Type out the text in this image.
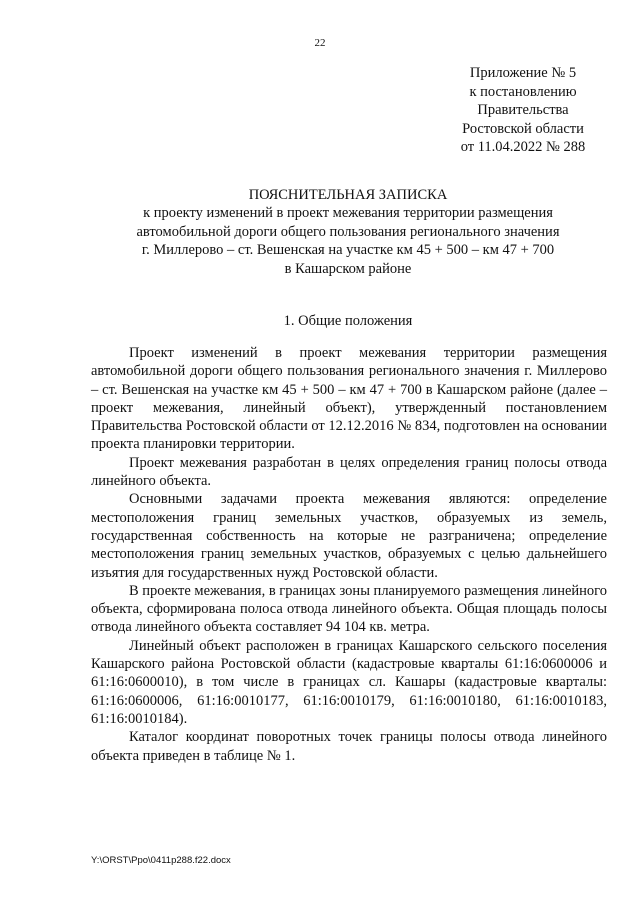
22
Приложение № 5
к постановлению
Правительства
Ростовской области
от 11.04.2022 № 288
ПОЯСНИТЕЛЬНАЯ ЗАПИСКА
к проекту изменений в проект межевания территории размещения
автомобильной дороги общего пользования регионального значения
г. Миллерово – ст. Вешенская на участке км 45 + 500 – км 47 + 700
в Кашарском районе
1. Общие положения

Проект изменений в проект межевания территории размещения автомобильной дороги общего пользования регионального значения г. Миллерово – ст. Вешенская на участке км 45 + 500 – км 47 + 700 в Кашарском районе (далее – проект межевания, линейный объект), утвержденный постановлением Правительства Ростовской области от 12.12.2016 № 834, подготовлен на основании проекта планировки территории.

Проект межевания разработан в целях определения границ полосы отвода линейного объекта.

Основными задачами проекта межевания являются: определение местоположения границ земельных участков, образуемых из земель, государственная собственность на которые не разграничена; определение местоположения границ земельных участков, образуемых с целью дальнейшего изъятия для государственных нужд Ростовской области.

В проекте межевания, в границах зоны планируемого размещения линейного объекта, сформирована полоса отвода линейного объекта. Общая площадь полосы отвода линейного объекта составляет 94 104 кв. метра.

Линейный объект расположен в границах Кашарского сельского поселения Кашарского района Ростовской области (кадастровые кварталы 61:16:0600006 и 61:16:0600010), в том числе в границах сл. Кашары (кадастровые кварталы: 61:16:0600006, 61:16:0010177, 61:16:0010179, 61:16:0010180, 61:16:0010183, 61:16:0010184).

Каталог координат поворотных точек границы полосы отвода линейного объекта приведен в таблице № 1.

Y:\ORST\Ppo\0411p288.f22.docx
